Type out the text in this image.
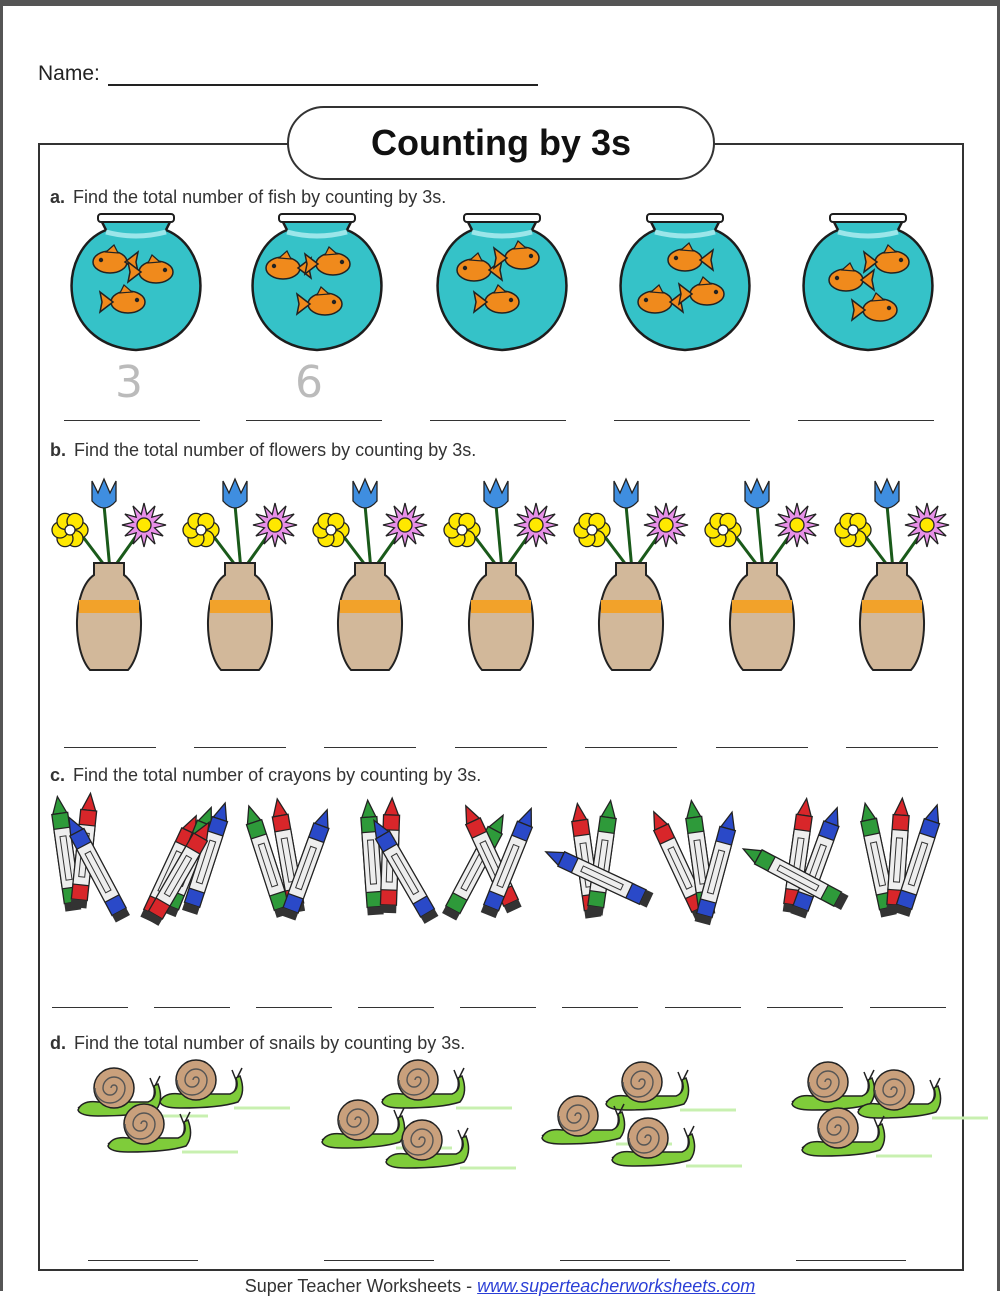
Name:
Counting by 3s
a. Find the total number of fish by counting by 3s.
3	6
b. Find the total number of flowers by counting by 3s.
c. Find the total number of crayons by counting by 3s.
d. Find the total number of snails by counting by 3s.
Super Teacher Worksheets - www.superteacherworksheets.com
